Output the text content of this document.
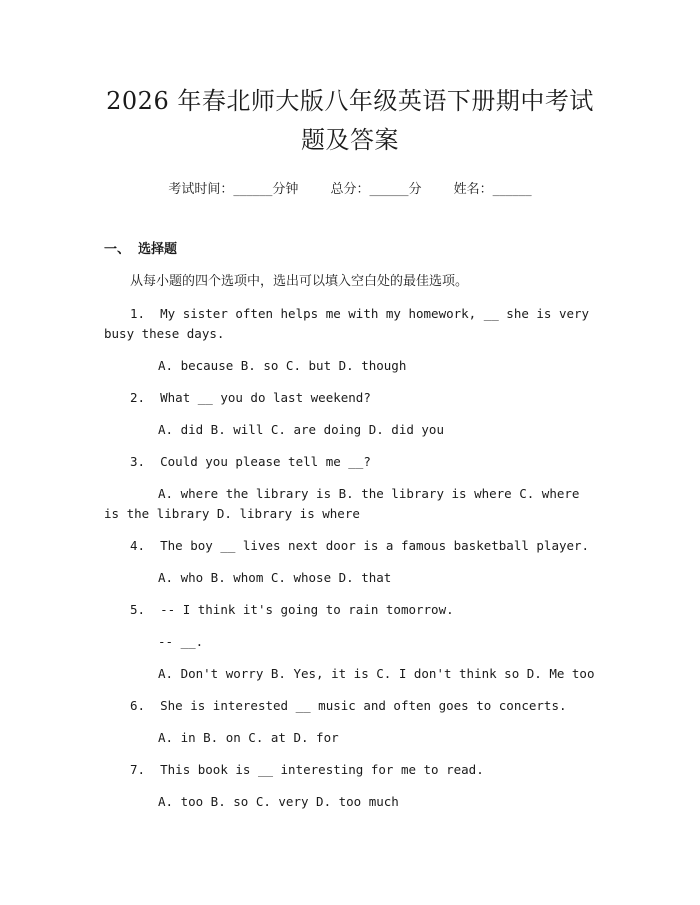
2026 年春北师大版八年级英语下册期中考试
题及答案
考试时间：______分钟 总分：______分 姓名：______
一、 选择题
从每小题的四个选项中，选出可以填入空白处的最佳选项。
1. My sister often helps me with my homework, __ she is very busy these days.
A. because B. so C. but D. though
2. What __ you do last weekend?
A. did B. will C. are doing D. did you
3. Could you please tell me __?
A. where the library is B. the library is where C. where is the library D. library is where
4. The boy __ lives next door is a famous basketball player.
A. who B. whom C. whose D. that
5. -- I think it's going to rain tomorrow.
-- __.
A. Don't worry B. Yes, it is C. I don't think so D. Me too
6. She is interested __ music and often goes to concerts.
A. in B. on C. at D. for
7. This book is __ interesting for me to read.
A. too B. so C. very D. too much
